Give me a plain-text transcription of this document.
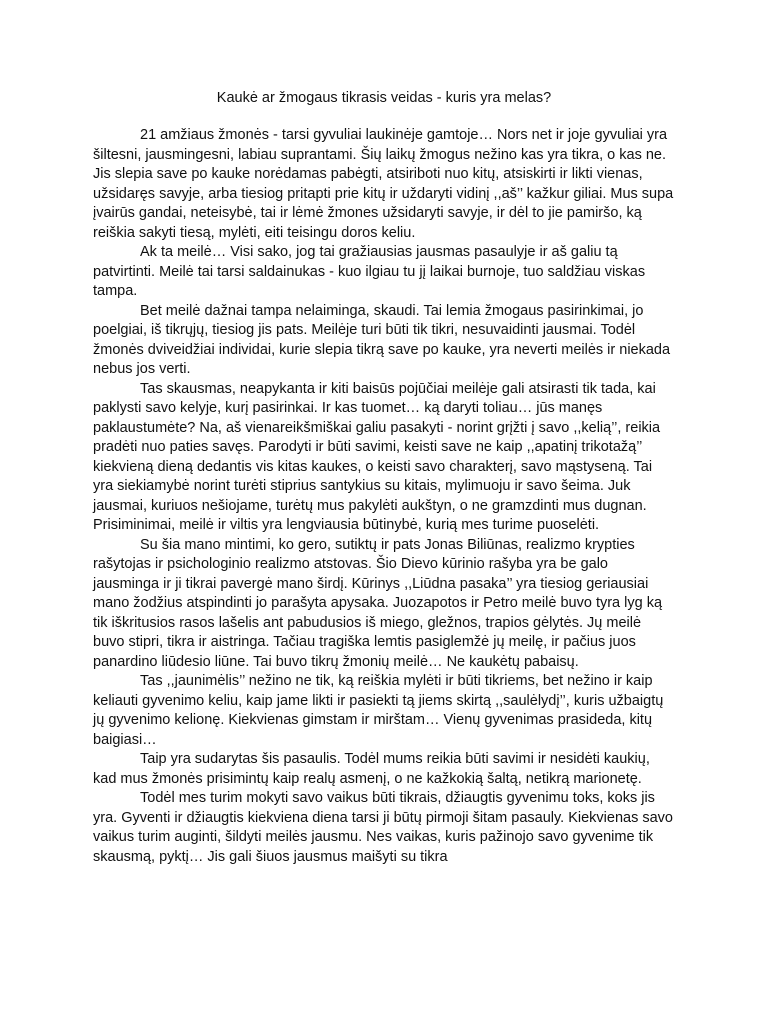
Kaukė ar žmogaus tikrasis veidas - kuris yra melas?

21 amžiaus žmonės - tarsi gyvuliai laukinėje gamtoje… Nors net ir joje gyvuliai yra šiltesni, jausmingesni, labiau suprantami. Šių laikų žmogus nežino kas yra tikra, o kas ne. Jis slepia save po kauke norėdamas pabėgti, atsiriboti nuo kitų, atsiskirti ir likti vienas, užsidaręs savyje, arba tiesiog pritapti prie kitų ir uždaryti vidinį ,,aš’’ kažkur giliai. Mus supa įvairūs gandai, neteisybė, tai ir lėmė žmones užsidaryti savyje, ir dėl to jie pamiršo, ką reiškia sakyti tiesą, mylėti, eiti teisingu doros keliu.

Ak ta meilė… Visi sako, jog tai gražiausias jausmas pasaulyje ir aš galiu tą patvirtinti. Meilė tai tarsi saldainukas - kuo ilgiau tu jį laikai burnoje, tuo saldžiau viskas tampa.

Bet meilė dažnai tampa nelaiminga, skaudi. Tai lemia žmogaus pasirinkimai, jo poelgiai, iš tikrųjų, tiesiog jis pats. Meilėje turi būti tik tikri, nesuvaidinti jausmai. Todėl žmonės dviveidžiai individai, kurie slepia tikrą save po kauke, yra neverti meilės ir niekada nebus jos verti.

Tas skausmas, neapykanta ir kiti baisūs pojūčiai meilėje gali atsirasti tik tada, kai paklysti savo kelyje, kurį pasirinkai. Ir kas tuomet… ką daryti toliau… jūs manęs paklaustumėte? Na, aš vienareikšmiškai galiu pasakyti - norint grįžti į savo ,,kelią’’, reikia pradėti nuo paties savęs. Parodyti ir būti savimi, keisti save ne kaip ,,apatinį trikotažą’’ kiekvieną dieną dedantis vis kitas kaukes, o keisti savo charakterį, savo mąstyseną. Tai yra siekiamybė norint turėti stiprius santykius su kitais, mylimuoju ir savo šeima. Juk jausmai, kuriuos nešiojame, turėtų mus pakylėti aukštyn, o ne gramzdinti mus dugnan. Prisiminimai, meilė ir viltis yra lengviausia būtinybė, kurią mes turime puoselėti.

Su šia mano mintimi, ko gero, sutiktų ir pats Jonas Biliūnas, realizmo krypties rašytojas ir psichologinio realizmo atstovas. Šio Dievo kūrinio rašyba yra be galo jausminga ir ji tikrai pavergė mano širdį. Kūrinys ,,Liūdna pasaka’’ yra tiesiog geriausiai mano žodžius atspindinti jo parašyta apysaka. Juozapotos ir Petro meilė buvo tyra lyg ką tik iškritusios rasos lašelis ant pabudusios iš miego, gležnos, trapios gėlytės. Jų meilė buvo stipri, tikra ir aistringa. Tačiau tragiška lemtis pasiglemžė jų meilę, ir pačius juos panardino liūdesio liūne. Tai buvo tikrų žmonių meilė… Ne kaukėtų pabaisų.

Tas ,,jaunimėlis’’ nežino ne tik, ką reiškia mylėti ir būti tikriems, bet nežino ir kaip keliauti gyvenimo keliu, kaip jame likti ir pasiekti tą jiems skirtą ,,saulėlydį’’, kuris užbaigtų jų gyvenimo kelionę. Kiekvienas gimstam ir mirštam… Vienų gyvenimas prasideda, kitų baigiasi…

Taip yra sudarytas šis pasaulis. Todėl mums reikia būti savimi ir nesidėti kaukių, kad mus žmonės prisimintų kaip realų asmenį, o ne kažkokią šaltą, netikrą marionetę.

Todėl mes turim mokyti savo vaikus būti tikrais, džiaugtis gyvenimu toks, koks jis yra. Gyventi ir džiaugtis kiekviena diena tarsi ji būtų pirmoji šitam pasauly. Kiekvienas savo vaikus turim auginti, šildyti meilės jausmu. Nes vaikas, kuris pažinojo savo gyvenime tik skausmą, pyktį… Jis gali šiuos jausmus maišyti su tikra
